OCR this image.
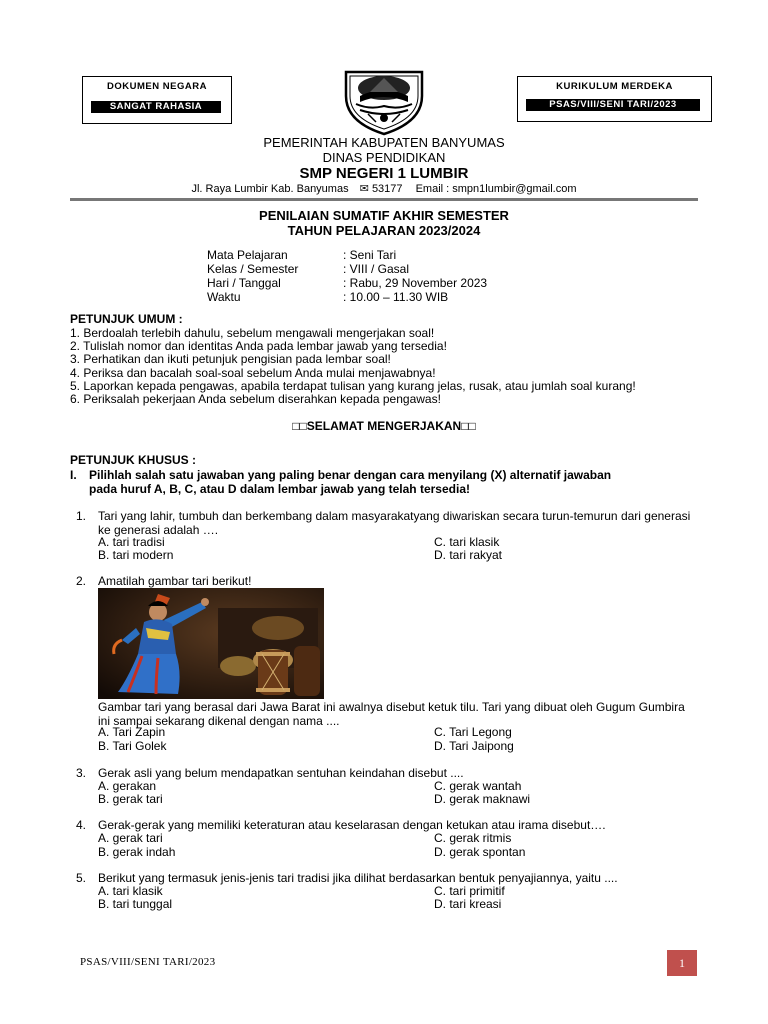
DOKUMEN NEGARA
SANGAT RAHASIA
KURIKULUM MERDEKA
PSAS/VIII/SENI TARI/2023
PEMERINTAH KABUPATEN BANYUMAS
DINAS PENDIDIKAN
SMP NEGERI 1 LUMBIR
Jl. Raya Lumbir Kab. Banyumas ✉ 53177 Email : smpn1lumbir@gmail.com
PENILAIAN SUMATIF AKHIR SEMESTER
TAHUN PELAJARAN 2023/2024
Mata Pelajaran	: Seni Tari
Kelas / Semester	: VIII / Gasal
Hari / Tanggal	: Rabu, 29 November 2023
Waktu	: 10.00 – 11.30 WIB
PETUNJUK UMUM :
1. Berdoalah terlebih dahulu, sebelum mengawali mengerjakan soal!
2. Tulislah nomor dan identitas Anda pada lembar jawab yang tersedia!
3. Perhatikan dan ikuti petunjuk pengisian pada lembar soal!
4. Periksa dan bacalah soal-soal sebelum Anda mulai menjawabnya!
5. Laporkan kepada pengawas, apabila terdapat tulisan yang kurang jelas, rusak, atau jumlah soal kurang!
6. Periksalah pekerjaan Anda sebelum diserahkan kepada pengawas!
□□SELAMAT MENGERJAKAN□□
PETUNJUK KHUSUS :
I. Pilihlah salah satu jawaban yang paling benar dengan cara menyilang (X) alternatif jawaban
pada huruf A, B, C, atau D dalam lembar jawab yang telah tersedia!
1. Tari yang lahir, tumbuh dan berkembang dalam masyarakatyang diwariskan secara turun-temurun dari generasi ke generasi adalah ….
A. tari tradisi
B. tari modern
C. tari klasik
D. tari rakyat
2. Amatilah gambar tari berikut!
Gambar tari yang berasal dari Jawa Barat ini awalnya disebut ketuk tilu. Tari yang dibuat oleh Gugum Gumbira ini sampai sekarang dikenal dengan nama ....
A. Tari Zapin
B. Tari Golek
C. Tari Legong
D. Tari Jaipong
3. Gerak asli yang belum mendapatkan sentuhan keindahan disebut ....
A. gerakan
B. gerak tari
C. gerak wantah
D. gerak maknawi
4. Gerak-gerak yang memiliki keteraturan atau keselarasan dengan ketukan atau irama disebut….
A. gerak tari
B. gerak indah
C. gerak ritmis
D. gerak spontan
5. Berikut yang termasuk jenis-jenis tari tradisi jika dilihat berdasarkan bentuk penyajiannya, yaitu ....
A. tari klasik
B. tari tunggal
C. tari primitif
D. tari kreasi
PSAS/VIII/SENI TARI/2023	1
